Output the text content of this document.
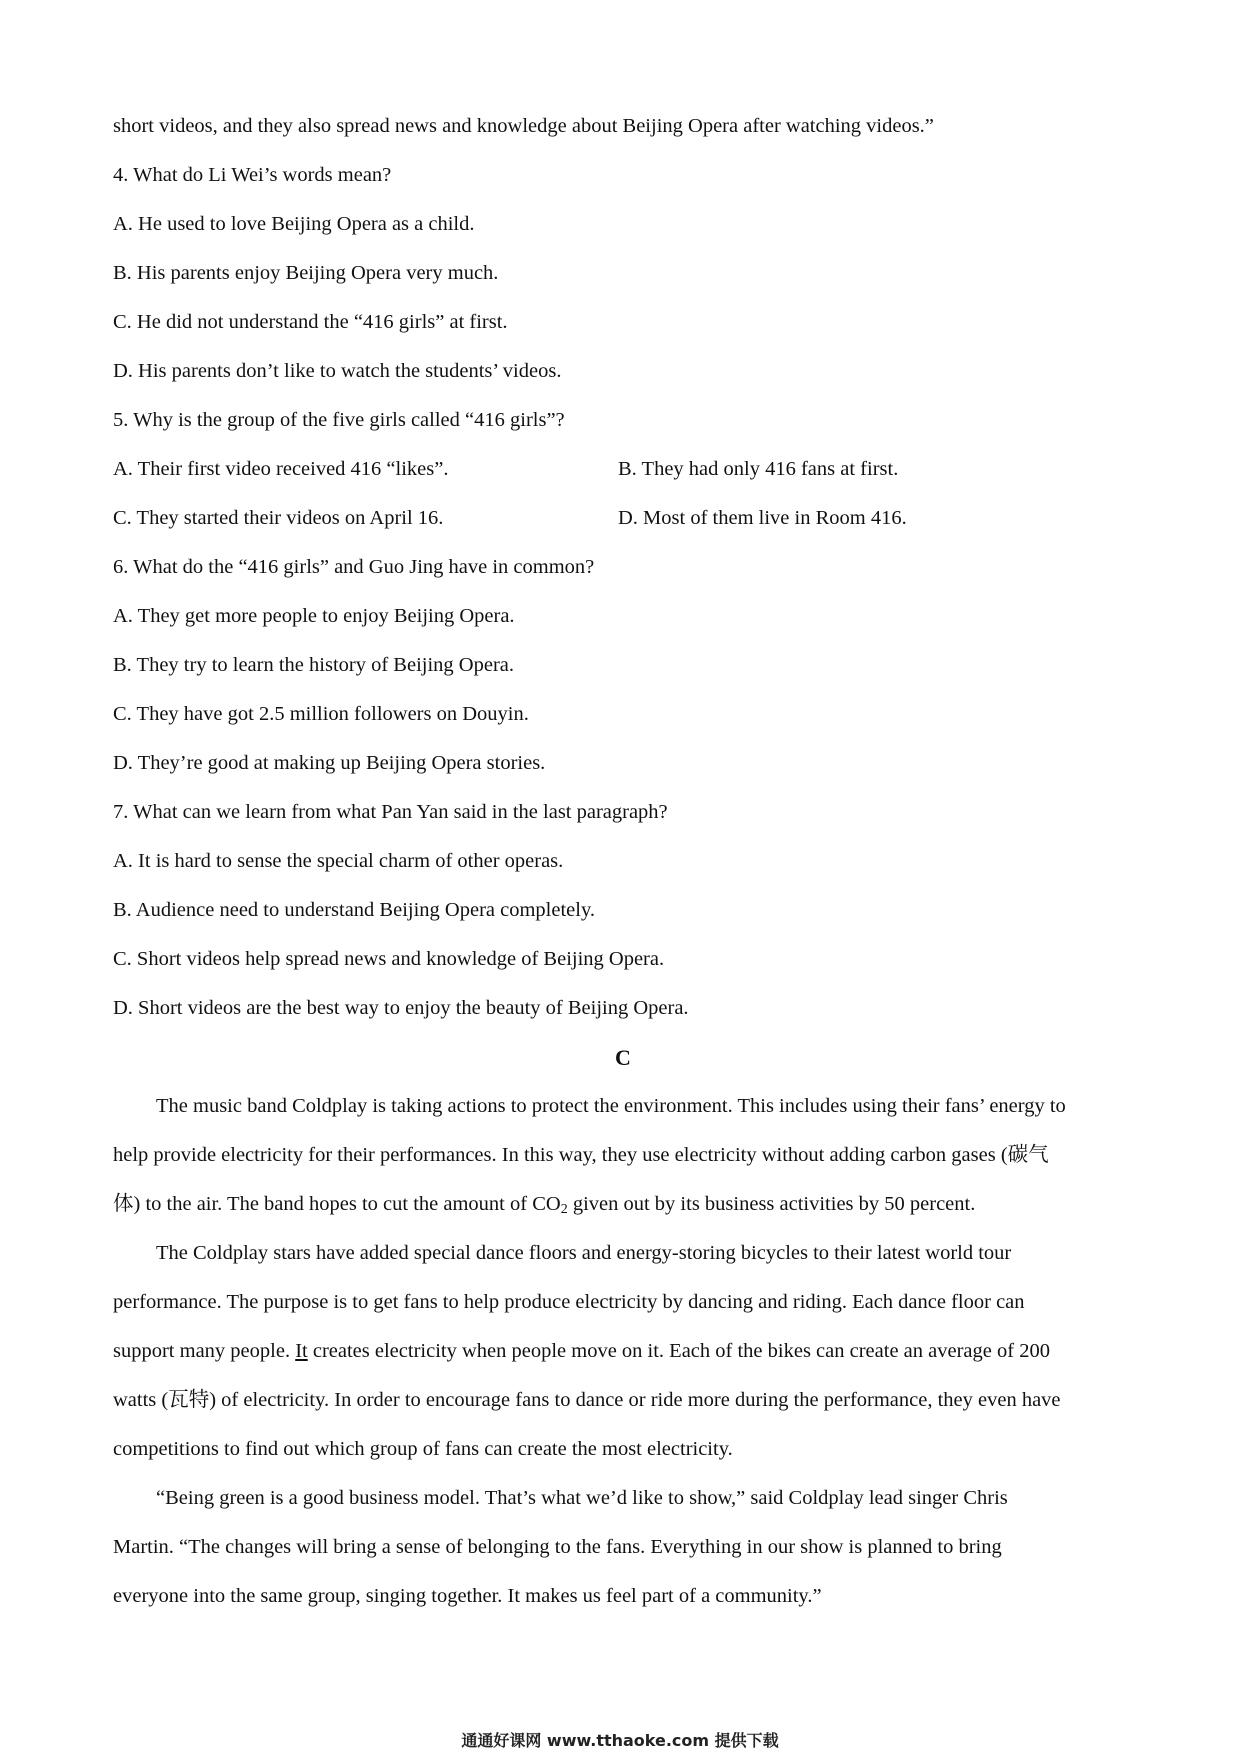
short videos, and they also spread news and knowledge about Beijing Opera after watching videos.”
4. What do Li Wei’s words mean?
A. He used to love Beijing Opera as a child.
B. His parents enjoy Beijing Opera very much.
C. He did not understand the “416 girls” at first.
D. His parents don’t like to watch the students’ videos.
5. Why is the group of the five girls called “416 girls”?
A. Their first video received 416 “likes”.	B. They had only 416 fans at first.
C. They started their videos on April 16.	D. Most of them live in Room 416.
6. What do the “416 girls” and Guo Jing have in common?
A. They get more people to enjoy Beijing Opera.
B. They try to learn the history of Beijing Opera.
C. They have got 2.5 million followers on Douyin.
D. They’re good at making up Beijing Opera stories.
7. What can we learn from what Pan Yan said in the last paragraph?
A. It is hard to sense the special charm of other operas.
B. Audience need to understand Beijing Opera completely.
C. Short videos help spread news and knowledge of Beijing Opera.
D. Short videos are the best way to enjoy the beauty of Beijing Opera.
C
The music band Coldplay is taking actions to protect the environment. This includes using their fans’ energy to
help provide electricity for their performances. In this way, they use electricity without adding carbon gases (碳气
体) to the air. The band hopes to cut the amount of $CO_2$ given out by its business activities by 50 percent.
The Coldplay stars have added special dance floors and energy-storing bicycles to their latest world tour
performance. The purpose is to get fans to help produce electricity by dancing and riding. Each dance floor can
support many people. It creates electricity when people move on it. Each of the bikes can create an average of 200
watts (瓦特) of electricity. In order to encourage fans to dance or ride more during the performance, they even have
competitions to find out which group of fans can create the most electricity.
“Being green is a good business model. That’s what we’d like to show,” said Coldplay lead singer Chris
Martin. “The changes will bring a sense of belonging to the fans. Everything in our show is planned to bring
everyone into the same group, singing together. It makes us feel part of a community.”
通通好课网 www.tthaoke.com 提供下载
